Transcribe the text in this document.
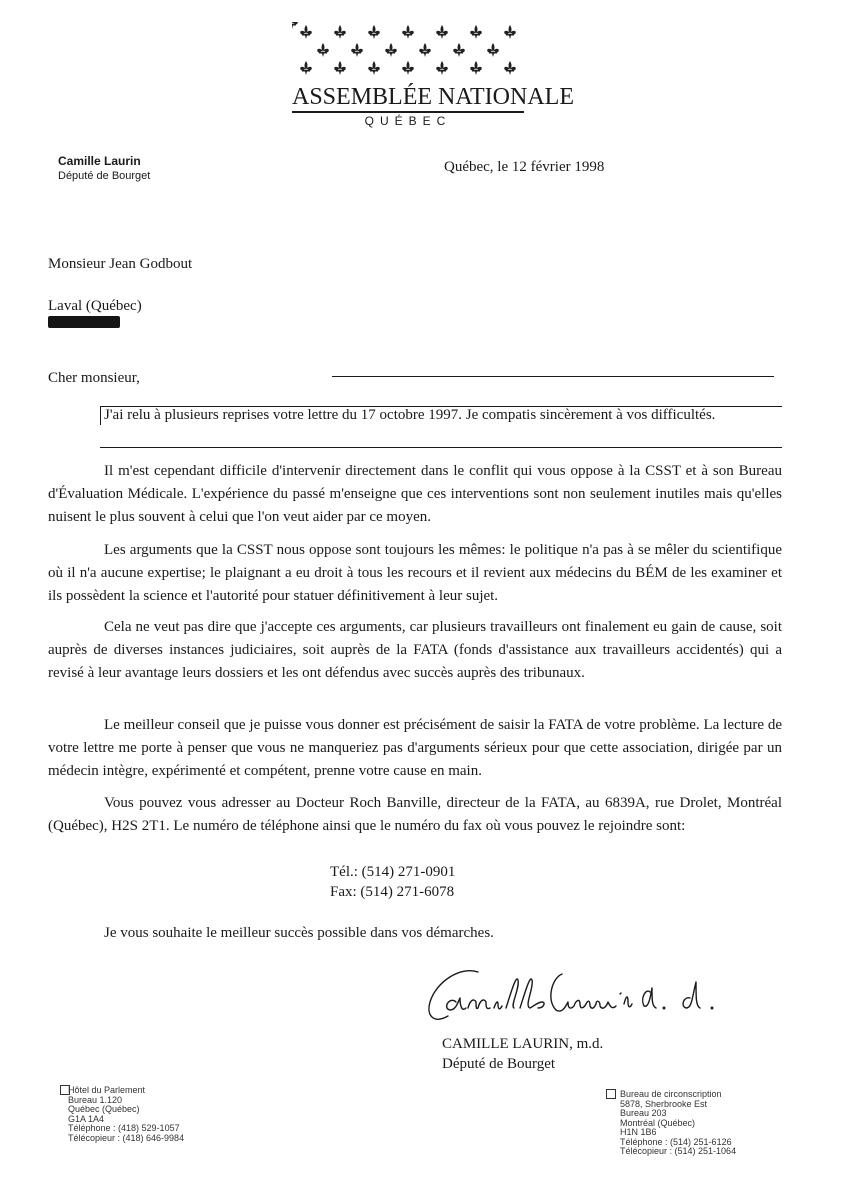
ASSEMBLÉE NATIONALE
QUÉBEC
Camille Laurin
Député de Bourget
Québec, le 12 février 1998
Monsieur Jean Godbout
Laval (Québec)
Cher monsieur,
J'ai relu à plusieurs reprises votre lettre du 17 octobre 1997. Je compatis sincèrement à vos difficultés.
Il m'est cependant difficile d'intervenir directement dans le conflit qui vous oppose à la CSST et à son Bureau d'Évaluation Médicale. L'expérience du passé m'enseigne que ces interventions sont non seulement inutiles mais qu'elles nuisent le plus souvent à celui que l'on veut aider par ce moyen.
Les arguments que la CSST nous oppose sont toujours les mêmes: le politique n'a pas à se mêler du scientifique où il n'a aucune expertise; le plaignant a eu droit à tous les recours et il revient aux médecins du BÉM de les examiner et ils possèdent la science et l'autorité pour statuer définitivement à leur sujet.
Cela ne veut pas dire que j'accepte ces arguments, car plusieurs travailleurs ont finalement eu gain de cause, soit auprès de diverses instances judiciaires, soit auprès de la FATA (fonds d'assistance aux travailleurs accidentés) qui a revisé à leur avantage leurs dossiers et les ont défendus avec succès auprès des tribunaux.
Le meilleur conseil que je puisse vous donner est précisément de saisir la FATA de votre problème. La lecture de votre lettre me porte à penser que vous ne manqueriez pas d'arguments sérieux pour que cette association, dirigée par un médecin intègre, expérimenté et compétent, prenne votre cause en main.
Vous pouvez vous adresser au Docteur Roch Banville, directeur de la FATA, au 6839A, rue Drolet, Montréal (Québec), H2S 2T1. Le numéro de téléphone ainsi que le numéro du fax où vous pouvez le rejoindre sont:
Tél.: (514) 271-0901
Fax: (514) 271-6078
Je vous souhaite le meilleur succès possible dans vos démarches.
CAMILLE LAURIN, m.d.
Député de Bourget
Hôtel du Parlement
Bureau 1.120
Québec (Québec)
G1A 1A4
Téléphone : (418) 529-1057
Télécopieur : (418) 646-9984
Bureau de circonscription
5878, Sherbrooke Est
Bureau 203
Montréal (Québec)
H1N 1B6
Téléphone : (514) 251-6126
Télécopieur : (514) 251-1064
